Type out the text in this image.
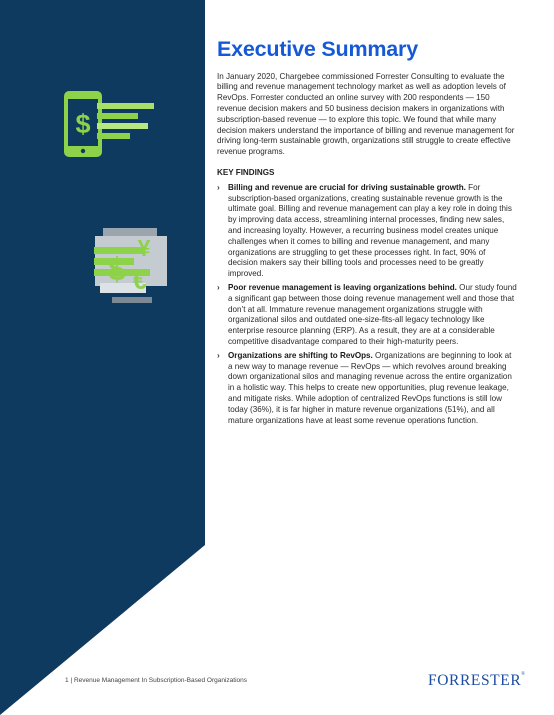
$
¥
$ €
Executive Summary

In January 2020, Chargebee commissioned Forrester Consulting to evaluate the billing and revenue management technology market as well as adoption levels of RevOps. Forrester conducted an online survey with 200 respondents — 150 revenue decision makers and 50 business decision makers in organizations with subscription-based revenue — to explore this topic. We found that while many decision makers understand the importance of billing and revenue management for driving long-term sustainable growth, organizations still struggle to create effective revenue programs.

KEY FINDINGS
› Billing and revenue are crucial for driving sustainable growth. For subscription-based organizations, creating sustainable revenue growth is the ultimate goal. Billing and revenue management can play a key role in doing this by improving data access, streamlining internal processes, finding new sales, and increasing loyalty. However, a recurring business model creates unique challenges when it comes to billing and revenue management, and many organizations are struggling to get these processes right. In fact, 90% of decision makers say their billing tools and processes need to be greatly improved.
› Poor revenue management is leaving organizations behind. Our study found a significant gap between those doing revenue management well and those that don’t at all. Immature revenue management organizations struggle with organizational silos and outdated one-size-fits-all legacy technology like enterprise resource planning (ERP). As a result, they are at a considerable competitive disadvantage compared to their high-maturity peers.
› Organizations are shifting to RevOps. Organizations are beginning to look at a new way to manage revenue — RevOps — which revolves around breaking down organizational silos and managing revenue across the entire organization in a holistic way. This helps to create new opportunities, plug revenue leakage, and mitigate risks. While adoption of centralized RevOps functions is still low today (36%), it is far higher in mature revenue organizations (51%), and all mature organizations have at least some revenue operations function.
1 | Revenue Management In Subscription-Based Organizations	FORRESTER®
